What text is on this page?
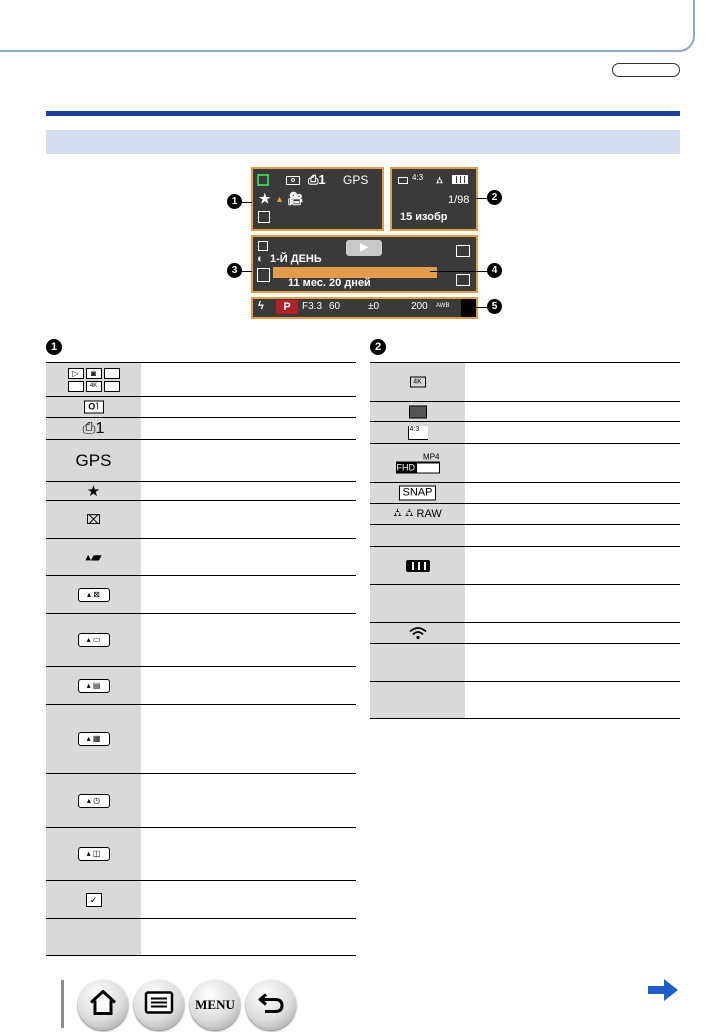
o ⎙1 GPS
★ ▲ 🎥︎
4:3 ⛼
1/98
15 изобр
▶
◐ 1-Й ДЕНЬ
11 мес. 20 дней
ϟ	P	F3.3 60	±0	200 AWB
1	2
3	4
5
1
▷	◙
4K
O˥
⎙ 1
GPS
★
⌧
▴ ▰
▴ ⊠
▴ ▭
▴ ▤
▴ ▦
▴ ◷
▴ ◫
✓
2
4K
4:3
MP4
FHD
SNAP
⛼ ⛼ RAW
MENU
